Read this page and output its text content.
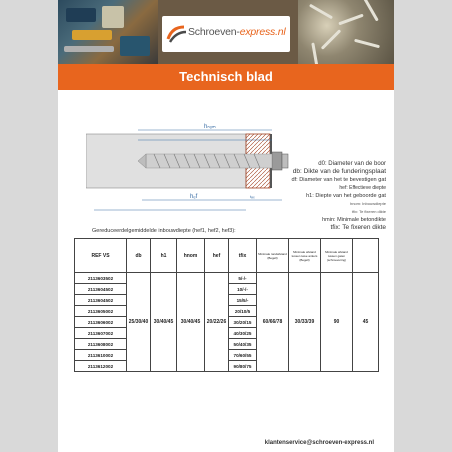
Schroeven-express.nl
Technisch blad
hₙₒₘ
hₑf	tₑᵢₓ
d0: Diameter van de boor
db: Dikte van de funderingsplaat
df: Diameter van het te bevestigen gat
hef: Effectieve diepte
h1: Diepte van het geboorde gat
hnom: Inbouwdiepte
tfix: Te fixeren dikte
hmin: Minimale betondikte
tfix: Te fixeren dikte
Gereduceerdelgemiddelde inbouwdiepte (hef1, hef2, hef3):
REF VS	db	h1	hnom	hef	tfix	Minimale randafstand (Begell)	Minimale afstand tussen twee ankers (Begell)	Minimale afstand tussen gaten (schroevering)	
2113603502	25/30/40	30/40/45	30/40/45	20/22/26	5/-/-	60/66/78	30/33/39	90	45
2113604502					10/-/-				
2113604502					15/5/-				
2113605002					20/10/5				
2113606002					30/20/15				
2113607002					40/30/25				
2113608002					50/40/35				
2113610002					70/60/55				
2113612002					90/80/75				
klantenservice@schroeven-express.nl
